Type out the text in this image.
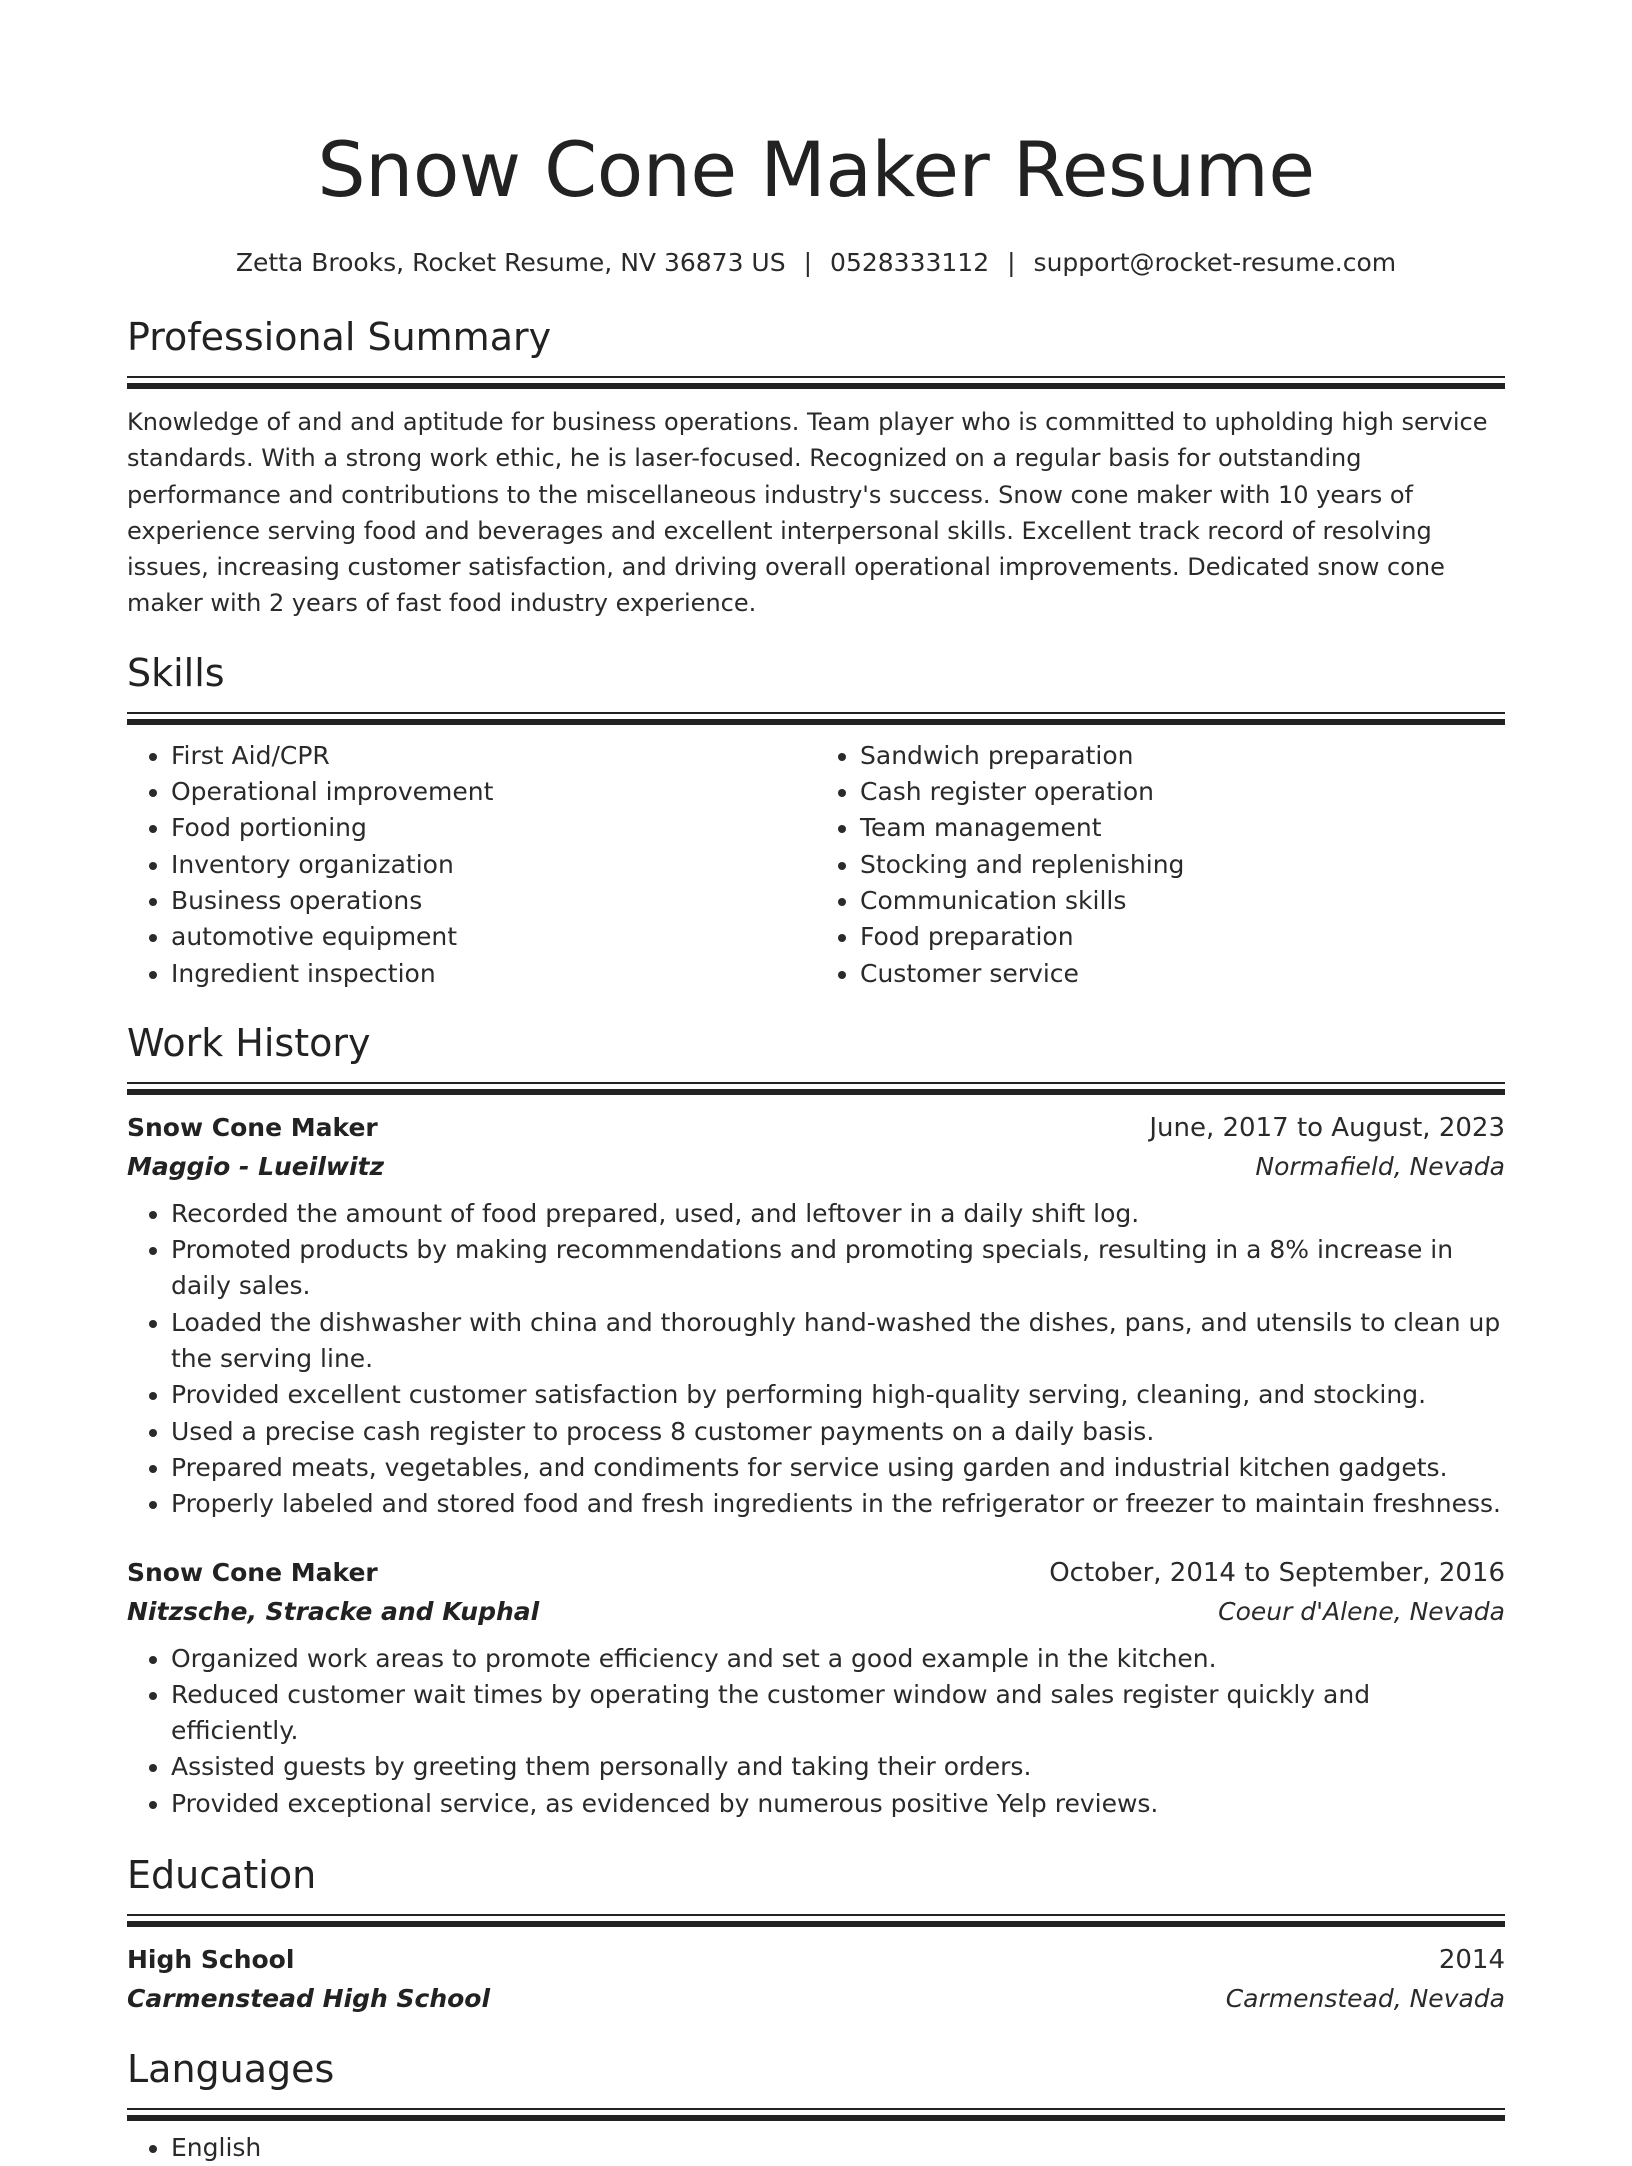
Snow Cone Maker Resume
Zetta Brooks, Rocket Resume, NV 36873 US | 0528333112 | support@rocket-resume.com
Professional Summary

Knowledge of and and aptitude for business operations. Team player who is committed to upholding high service standards. With a strong work ethic, he is laser-focused. Recognized on a regular basis for outstanding performance and contributions to the miscellaneous industry's success. Snow cone maker with 10 years of experience serving food and beverages and excellent interpersonal skills. Excellent track record of resolving issues, increasing customer satisfaction, and driving overall operational improvements. Dedicated snow cone maker with 2 years of fast food industry experience.

Skills
• First Aid/CPR
• Operational improvement
• Food portioning
• Inventory organization
• Business operations
• automotive equipment
• Ingredient inspection
• Sandwich preparation
• Cash register operation
• Team management
• Stocking and replenishing
• Communication skills
• Food preparation
• Customer service
Work History
Snow Cone Maker	June, 2017 to August, 2023
Maggio - Lueilwitz	Normafield, Nevada
• Recorded the amount of food prepared, used, and leftover in a daily shift log.
• Promoted products by making recommendations and promoting specials, resulting in a 8% increase in daily sales.
• Loaded the dishwasher with china and thoroughly hand-washed the dishes, pans, and utensils to clean up the serving line.
• Provided excellent customer satisfaction by performing high-quality serving, cleaning, and stocking.
• Used a precise cash register to process 8 customer payments on a daily basis.
• Prepared meats, vegetables, and condiments for service using garden and industrial kitchen gadgets.
• Properly labeled and stored food and fresh ingredients in the refrigerator or freezer to maintain freshness.
Snow Cone Maker	October, 2014 to September, 2016
Nitzsche, Stracke and Kuphal	Coeur d'Alene, Nevada
• Organized work areas to promote efficiency and set a good example in the kitchen.
• Reduced customer wait times by operating the customer window and sales register quickly and efficiently.
• Assisted guests by greeting them personally and taking their orders.
• Provided exceptional service, as evidenced by numerous positive Yelp reviews.
Education
High School	2014
Carmenstead High School	Carmenstead, Nevada
Languages
• English
